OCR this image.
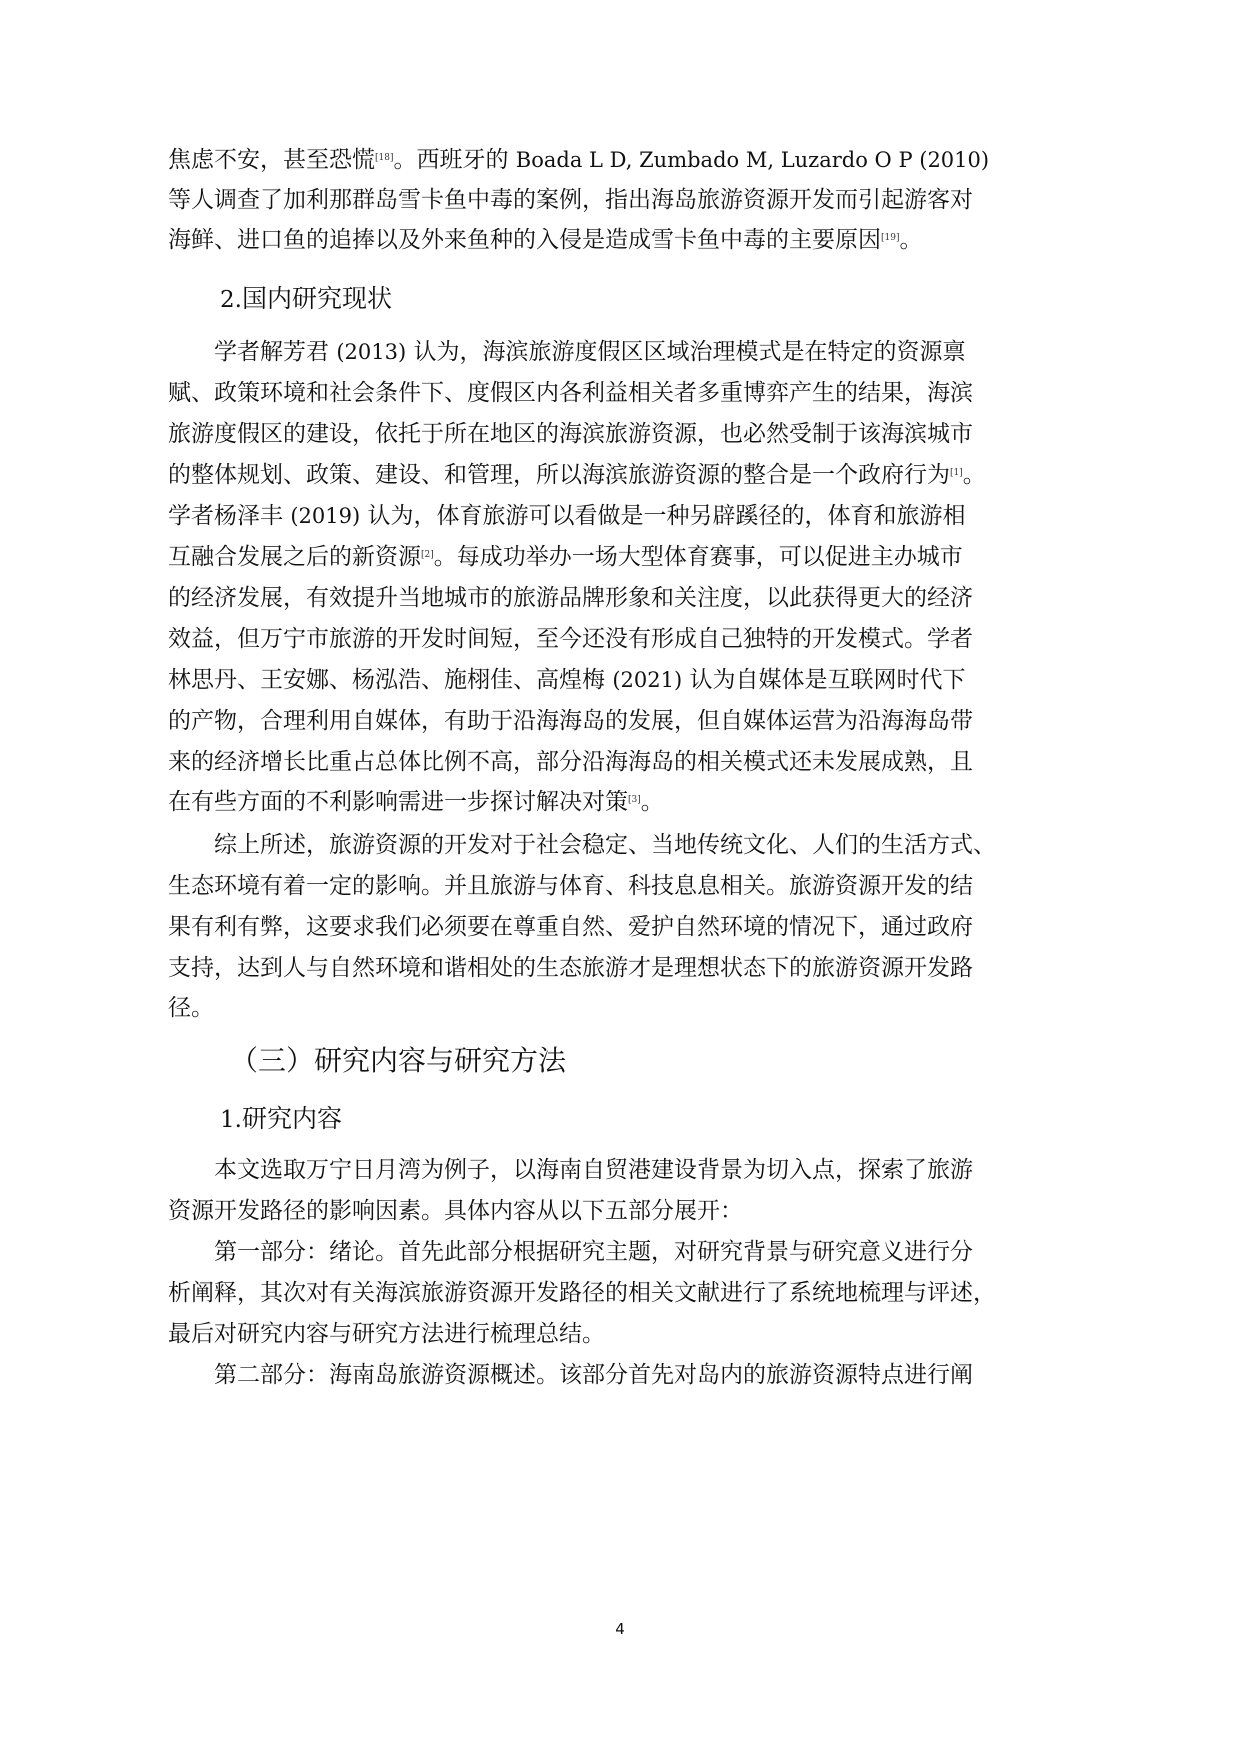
焦虑不安，甚至恐慌[18]。西班牙的 Boada L D, Zumbado M, Luzardo O P (2010)
等人调查了加利那群岛雪卡鱼中毒的案例，指出海岛旅游资源开发而引起游客对
海鲜、进口鱼的追捧以及外来鱼种的入侵是造成雪卡鱼中毒的主要原因[19]。
2.国内研究现状
学者解芳君 (2013) 认为，海滨旅游度假区区域治理模式是在特定的资源禀
赋、政策环境和社会条件下、度假区内各利益相关者多重博弈产生的结果，海滨
旅游度假区的建设，依托于所在地区的海滨旅游资源，也必然受制于该海滨城市
的整体规划、政策、建设、和管理，所以海滨旅游资源的整合是一个政府行为[1]。
学者杨泽丰 (2019) 认为，体育旅游可以看做是一种另辟蹊径的，体育和旅游相
互融合发展之后的新资源[2]。每成功举办一场大型体育赛事，可以促进主办城市
的经济发展，有效提升当地城市的旅游品牌形象和关注度，以此获得更大的经济
效益，但万宁市旅游的开发时间短，至今还没有形成自己独特的开发模式。学者
林思丹、王安娜、杨泓浩、施栩佳、高煌梅 (2021) 认为自媒体是互联网时代下
的产物，合理利用自媒体，有助于沿海海岛的发展，但自媒体运营为沿海海岛带
来的经济增长比重占总体比例不高，部分沿海海岛的相关模式还未发展成熟，且
在有些方面的不利影响需进一步探讨解决对策[3]。
综上所述，旅游资源的开发对于社会稳定、当地传统文化、人们的生活方式、
生态环境有着一定的影响。并且旅游与体育、科技息息相关。旅游资源开发的结
果有利有弊，这要求我们必须要在尊重自然、爱护自然环境的情况下，通过政府
支持，达到人与自然环境和谐相处的生态旅游才是理想状态下的旅游资源开发路
径。
（三）研究内容与研究方法
1.研究内容
本文选取万宁日月湾为例子，以海南自贸港建设背景为切入点，探索了旅游
资源开发路径的影响因素。具体内容从以下五部分展开：
第一部分：绪论。首先此部分根据研究主题，对研究背景与研究意义进行分
析阐释，其次对有关海滨旅游资源开发路径的相关文献进行了系统地梳理与评述，
最后对研究内容与研究方法进行梳理总结。
第二部分：海南岛旅游资源概述。该部分首先对岛内的旅游资源特点进行阐
4
